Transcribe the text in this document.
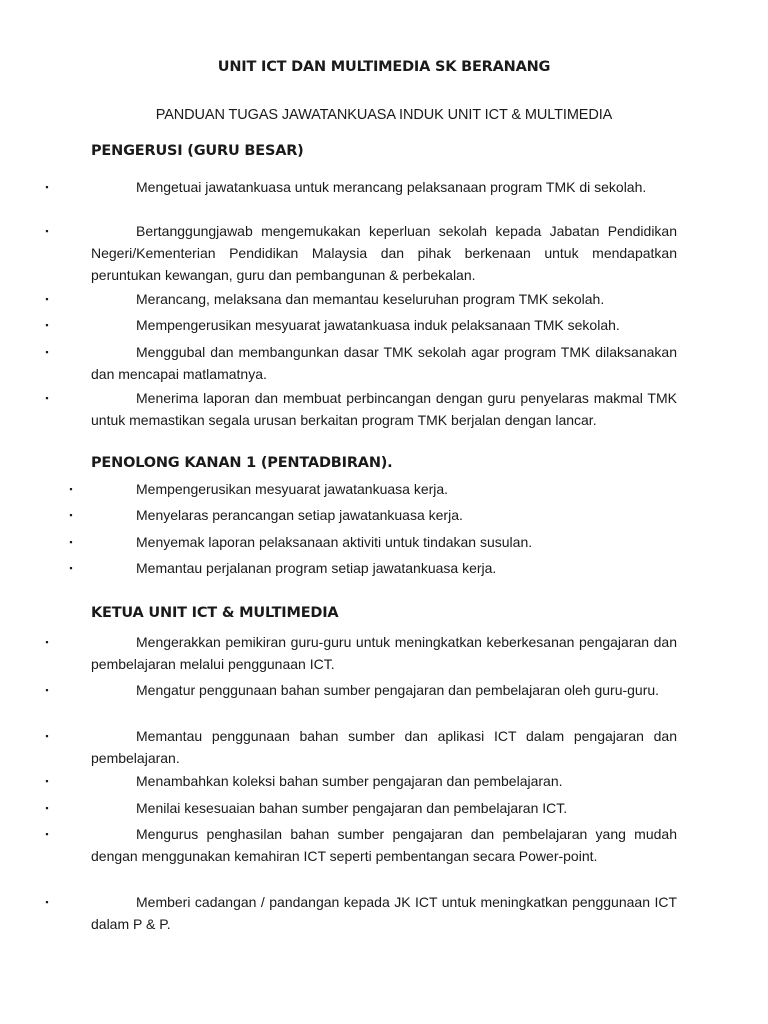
UNIT ICT DAN MULTIMEDIA SK BERANANG
PANDUAN TUGAS JAWATANKUASA INDUK UNIT ICT & MULTIMEDIA
PENGERUSI (GURU BESAR)
▪	Mengetuai jawatankuasa untuk merancang pelaksanaan program TMK di sekolah.
▪	Bertanggungjawab mengemukakan keperluan sekolah kepada Jabatan Pendidikan Negeri/Kementerian Pendidikan Malaysia dan pihak berkenaan untuk mendapatkan peruntukan kewangan, guru dan pembangunan & perbekalan.
▪	Merancang, melaksana dan memantau keseluruhan program TMK sekolah.
▪	Mempengerusikan mesyuarat jawatankuasa induk pelaksanaan TMK sekolah.
▪	Menggubal dan membangunkan dasar TMK sekolah agar program TMK dilaksanakan dan mencapai matlamatnya.
▪	Menerima laporan dan membuat perbincangan dengan guru penyelaras makmal TMK untuk memastikan segala urusan berkaitan program TMK berjalan dengan lancar.
PENOLONG KANAN 1 (PENTADBIRAN).
▪	Mempengerusikan mesyuarat jawatankuasa kerja.
▪	Menyelaras perancangan setiap jawatankuasa kerja.
▪	Menyemak laporan pelaksanaan aktiviti untuk tindakan susulan.
▪	Memantau perjalanan program setiap jawatankuasa kerja.
KETUA UNIT ICT & MULTIMEDIA
▪	Mengerakkan pemikiran guru-guru untuk meningkatkan keberkesanan pengajaran dan pembelajaran melalui penggunaan ICT.
▪	Mengatur penggunaan bahan sumber pengajaran dan pembelajaran oleh guru-guru.
▪	Memantau penggunaan bahan sumber dan aplikasi ICT dalam pengajaran dan pembelajaran.
▪	Menambahkan koleksi bahan sumber pengajaran dan pembelajaran.
▪	Menilai kesesuaian bahan sumber pengajaran dan pembelajaran ICT.
▪	Mengurus penghasilan bahan sumber pengajaran dan pembelajaran yang mudah dengan menggunakan kemahiran ICT seperti pembentangan secara Power-point.
▪	Memberi cadangan / pandangan kepada JK ICT untuk meningkatkan penggunaan ICT dalam P & P.
